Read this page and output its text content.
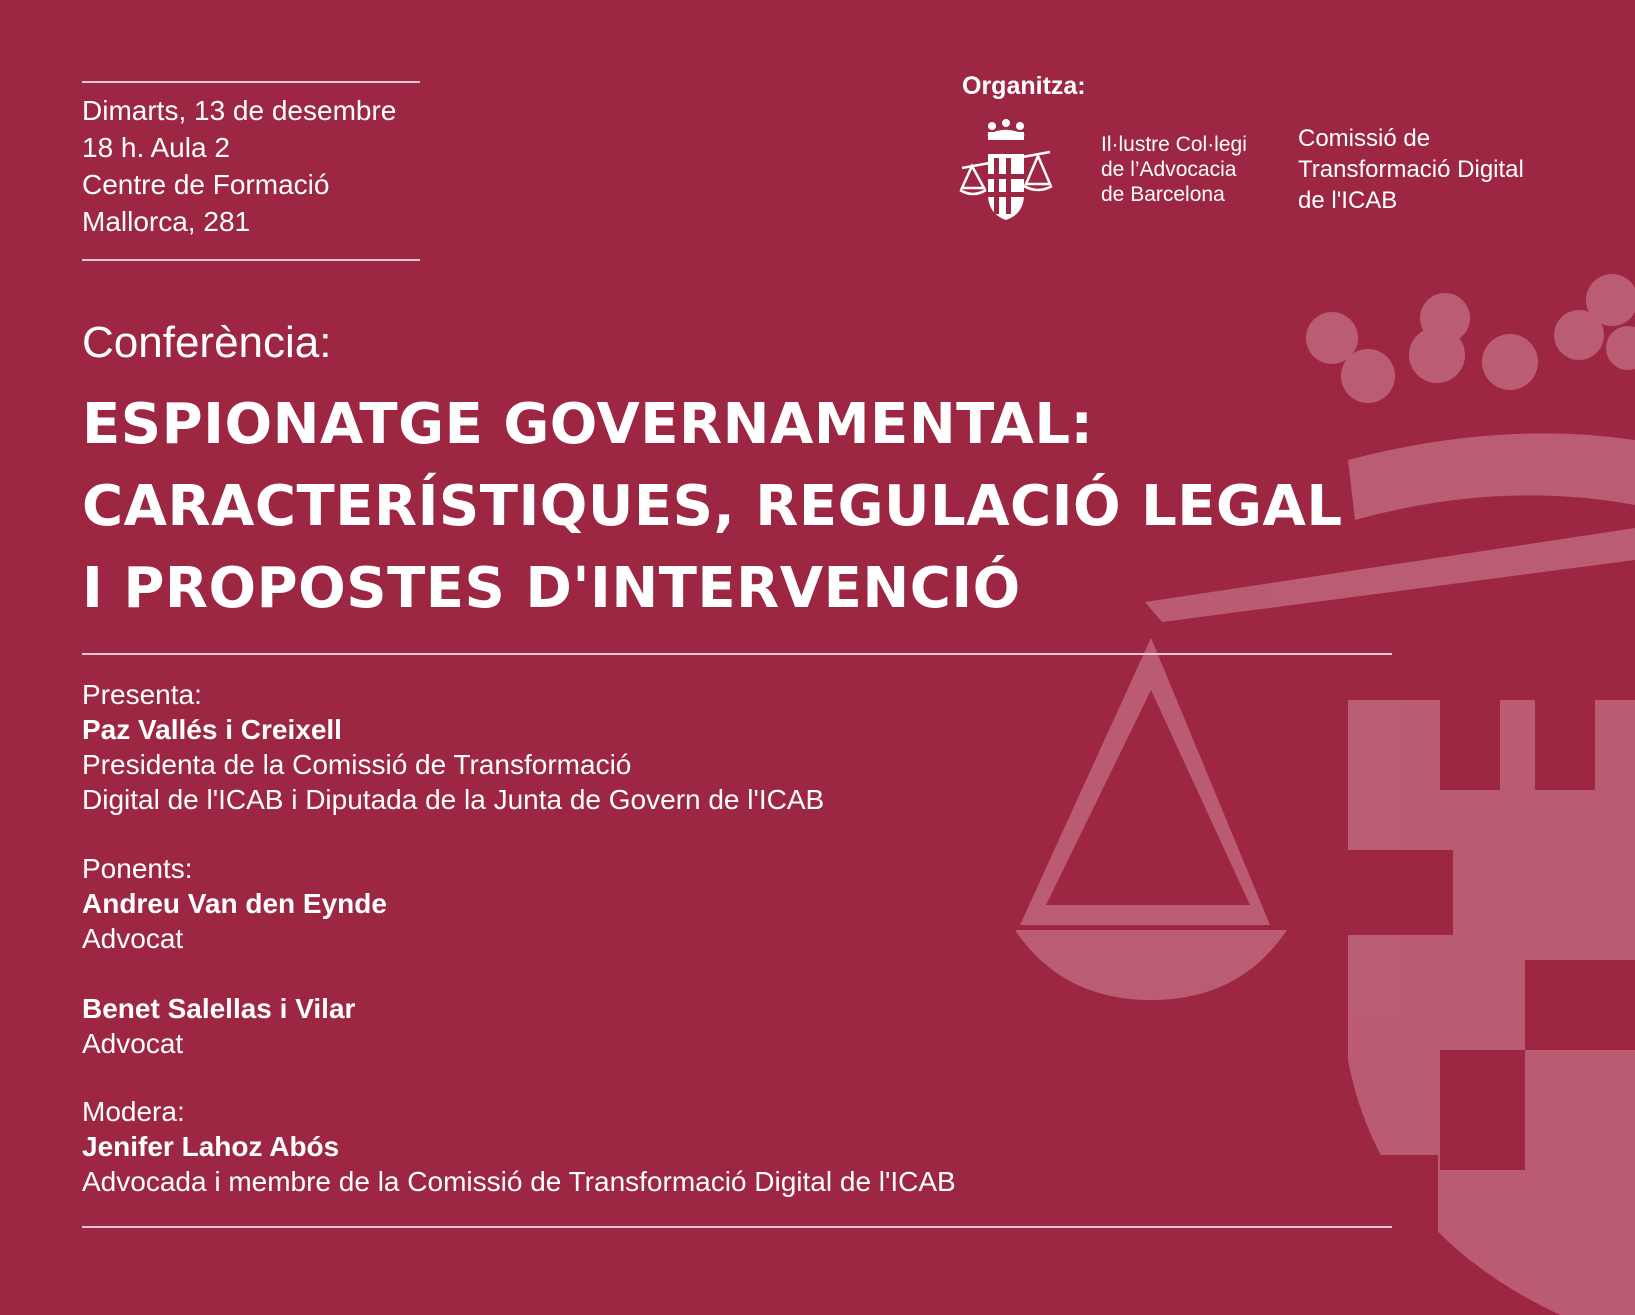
Dimarts, 13 de desembre
18 h. Aula 2
Centre de Formació
Mallorca, 281
Organitza:
Il·lustre Col·legi
de l’Advocacia
de Barcelona
Comissió de
Transformació Digital
de l'ICAB
Conferència:
ESPIONATGE GOVERNAMENTAL:
CARACTERÍSTIQUES, REGULACIÓ LEGAL
I PROPOSTES D'INTERVENCIÓ
Presenta:
Paz Vallés i Creixell
Presidenta de la Comissió de Transformació
Digital de l'ICAB i Diputada de la Junta de Govern de l'ICAB
Ponents:
Andreu Van den Eynde
Advocat
Benet Salellas i Vilar
Advocat
Modera:
Jenifer Lahoz Abós
Advocada i membre de la Comissió de Transformació Digital de l'ICAB
